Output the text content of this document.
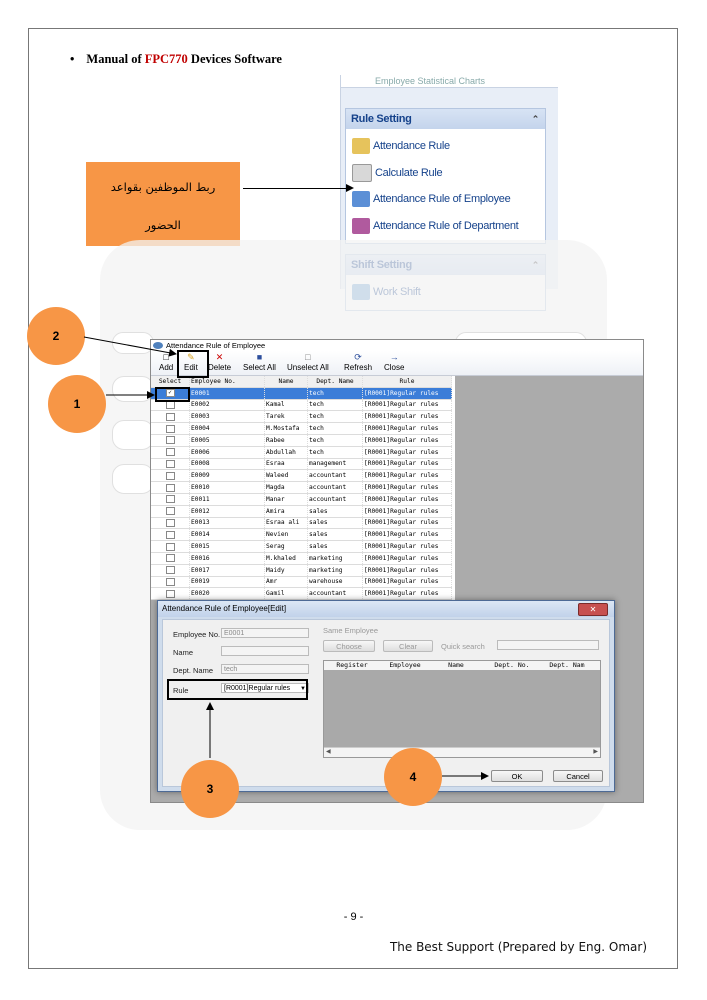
• Manual of FPC770 Devices Software
Employee Statistical Charts
Rule Setting	⌃
Attendance Rule
Calculate Rule
Attendance Rule of Employee
Attendance Rule of Department
ربط الموظفين بقواعد
الحضور
Attendance Rule of Employee
□
Add
✎
Edit
✕
Delete
■
Select All
□
Unselect All
⟳
Refresh
→
Close
Select	Employee No.	Name	Dept. Name	Rule
✓	E0001		tech	[R0001]Regular rules
	E0002	Kamal	tech	[R0001]Regular rules
	E0003	Tarek	tech	[R0001]Regular rules
	E0004	M.Mostafa	tech	[R0001]Regular rules
	E0005	Rabee	tech	[R0001]Regular rules
	E0006	Abdullah	tech	[R0001]Regular rules
	E0008	Esraa	management	[R0001]Regular rules
	E0009	Waleed	accountant	[R0001]Regular rules
	E0010	Magda	accountant	[R0001]Regular rules
	E0011	Manar	accountant	[R0001]Regular rules
	E0012	Amira	sales	[R0001]Regular rules
	E0013	Esraa ali	sales	[R0001]Regular rules
	E0014	Nevien	sales	[R0001]Regular rules
	E0015	Serag	sales	[R0001]Regular rules
	E0016	M.khaled	marketing	[R0001]Regular rules
	E0017	Maidy	marketing	[R0001]Regular rules
	E0019	Amr	warehouse	[R0001]Regular rules
	E0020	Gamil	accountant	[R0001]Regular rules
Attendance Rule of Employee[Edit]	✕
Employee No. E0001
Name
Dept. Name	tech
Rule	[R0001]Regular rules ▼
Same Employee
Choose	Clear	Quick search
Register	Employee	Name	Dept. No.	Dept. Nam
◀	▶
OK	Cancel
2
1
3
4
- 9 -
The Best Support (Prepared by Eng. Omar)
